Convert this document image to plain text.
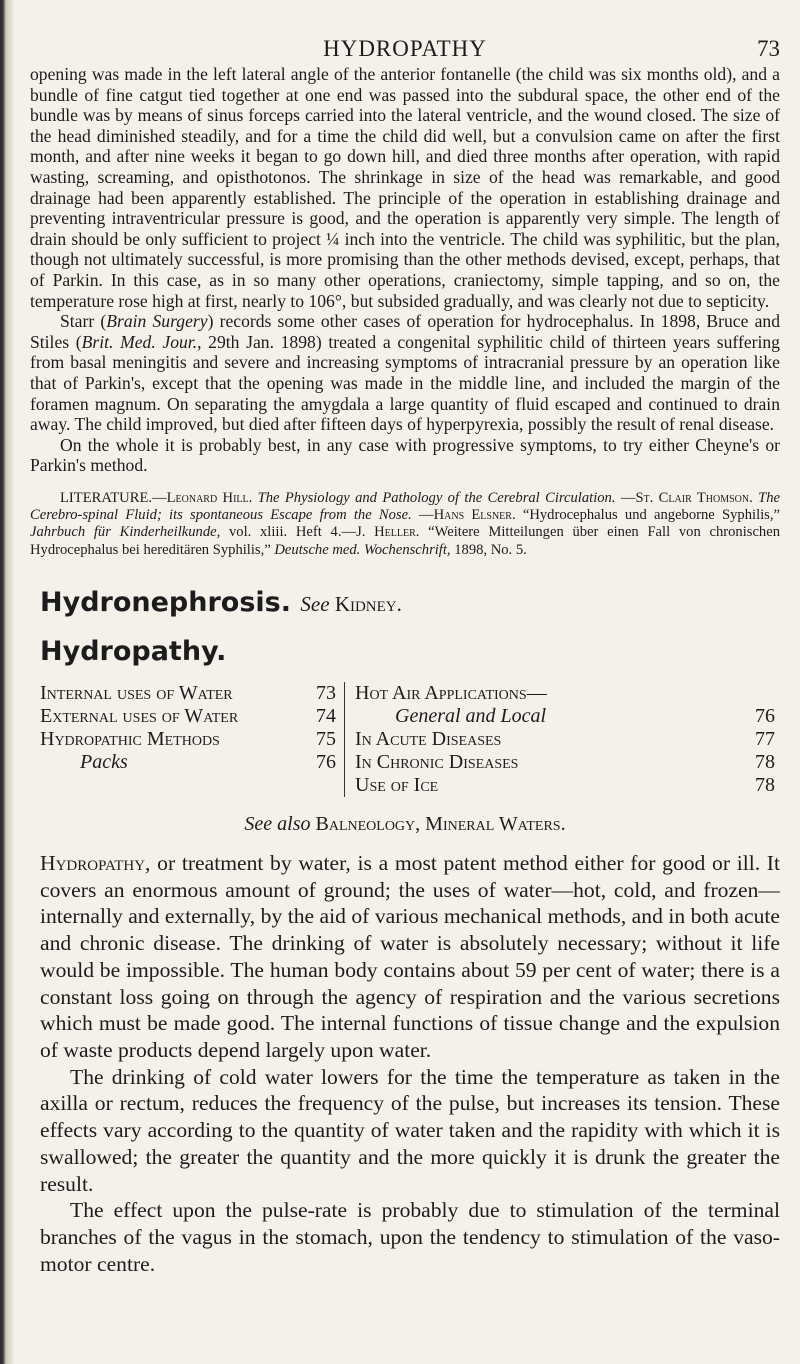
HYDROPATHY	73

opening was made in the left lateral angle of the anterior fontanelle (the child was six months old), and a bundle of fine catgut tied together at one end was passed into the subdural space, the other end of the bundle was by means of sinus forceps carried into the lateral ventricle, and the wound closed. The size of the head diminished steadily, and for a time the child did well, but a convulsion came on after the first month, and after nine weeks it began to go down hill, and died three months after operation, with rapid wasting, screaming, and opisthotonos. The shrinkage in size of the head was remarkable, and good drainage had been apparently established. The principle of the operation in establishing drainage and preventing intraventricular pressure is good, and the operation is apparently very simple. The length of drain should be only sufficient to project ¼ inch into the ventricle. The child was syphilitic, but the plan, though not ultimately successful, is more promising than the other methods devised, except, perhaps, that of Parkin. In this case, as in so many other operations, craniectomy, simple tapping, and so on, the temperature rose high at first, nearly to 106°, but subsided gradually, and was clearly not due to septicity.

Starr (Brain Surgery) records some other cases of operation for hydrocephalus. In 1898, Bruce and Stiles (Brit. Med. Jour., 29th Jan. 1898) treated a congenital syphilitic child of thirteen years suffering from basal meningitis and severe and increasing symptoms of intracranial pressure by an operation like that of Parkin's, except that the opening was made in the middle line, and included the margin of the foramen magnum. On separating the amygdala a large quantity of fluid escaped and continued to drain away. The child improved, but died after fifteen days of hyperpyrexia, possibly the result of renal disease.

On the whole it is probably best, in any case with progressive symptoms, to try either Cheyne's or Parkin's method.

LITERATURE.—Leonard Hill. The Physiology and Pathology of the Cerebral Circulation. —St. Clair Thomson. The Cerebro-spinal Fluid; its spontaneous Escape from the Nose. —Hans Elsner. “Hydrocephalus und angeborne Syphilis,” Jahrbuch für Kinderheilkunde, vol. xliii. Heft 4.—J. Heller. “Weitere Mitteilungen über einen Fall von chronischen Hydrocephalus bei hereditären Syphilis,” Deutsche med. Wochenschrift, 1898, No. 5.
Hydronephrosis. See Kidney.
Hydropathy.
Internal uses of Water	73
External uses of Water	74
Hydropathic Methods	75
Packs	76
Hot Air Applications—
General and Local	76
In Acute Diseases	77
In Chronic Diseases	78
Use of Ice	78
See also Balneology, Mineral Waters.

Hydropathy, or treatment by water, is a most patent method either for good or ill. It covers an enormous amount of ground; the uses of water—hot, cold, and frozen—internally and externally, by the aid of various mechanical methods, and in both acute and chronic disease. The drinking of water is absolutely necessary; without it life would be impossible. The human body contains about 59 per cent of water; there is a constant loss going on through the agency of respiration and the various secretions which must be made good. The internal functions of tissue change and the expulsion of waste products depend largely upon water.

The drinking of cold water lowers for the time the temperature as taken in the axilla or rectum, reduces the frequency of the pulse, but increases its tension. These effects vary according to the quantity of water taken and the rapidity with which it is swallowed; the greater the quantity and the more quickly it is drunk the greater the result.

The effect upon the pulse-rate is probably due to stimulation of the terminal branches of the vagus in the stomach, upon the tendency to stimulation of the vaso-motor centre.
